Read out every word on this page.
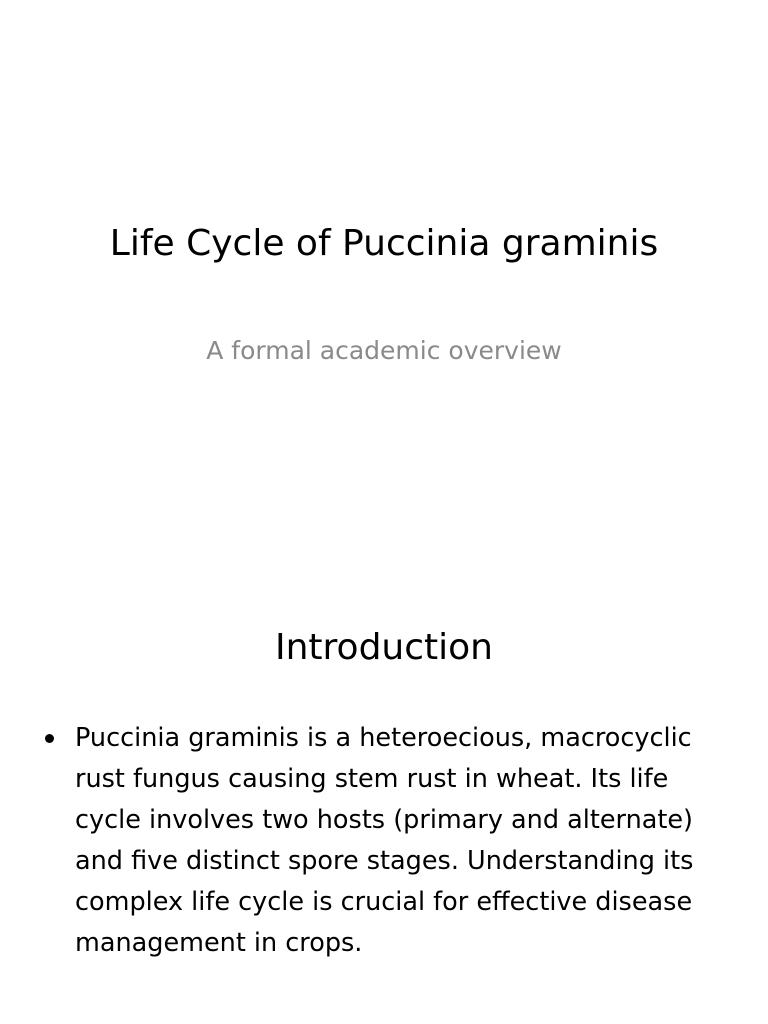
Life Cycle of Puccinia graminis
A formal academic overview
Introduction
Puccinia graminis is a heteroecious, macrocyclic rust fungus causing stem rust in wheat. Its life cycle involves two hosts (primary and alternate) and five distinct spore stages. Understanding its complex life cycle is crucial for effective disease management in crops.
